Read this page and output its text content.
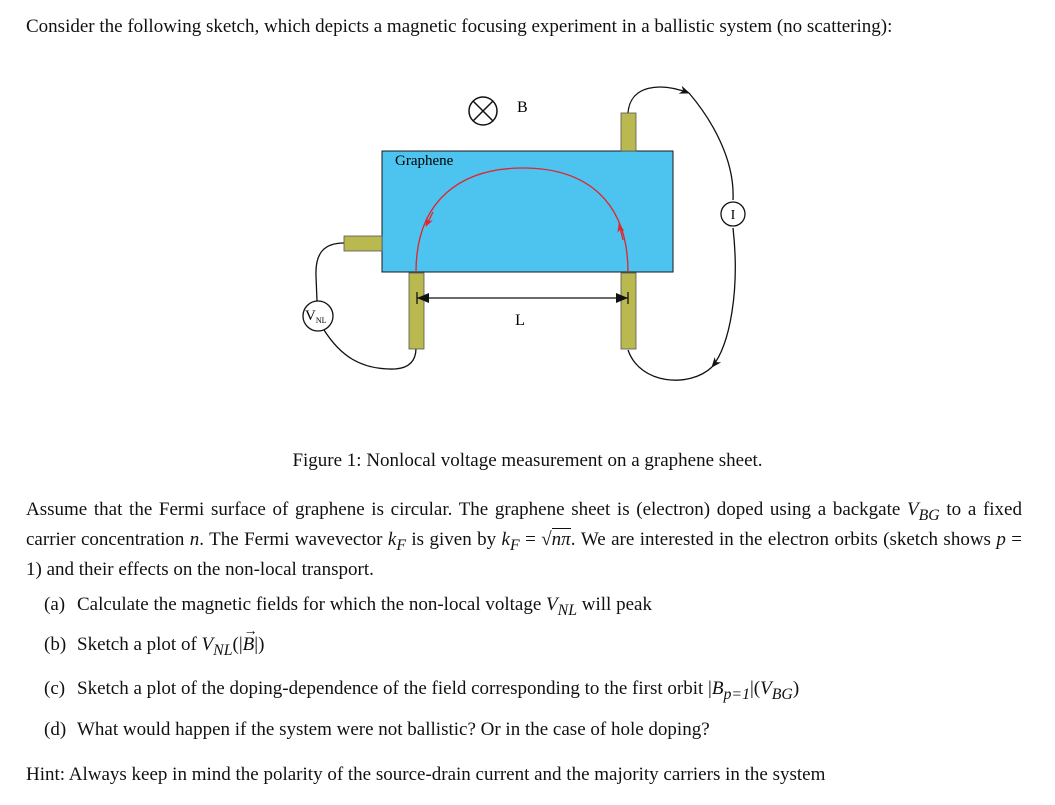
Consider the following sketch, which depicts a magnetic focusing experiment in a ballistic system (no scattering):

B
I
Graphene
L
$V_{NL}$
Figure 1: Nonlocal voltage measurement on a graphene sheet.

Assume that the Fermi surface of graphene is circular. The graphene sheet is (electron) doped using a backgate $V_{BG}$ to a fixed carrier concentration n. The Fermi wavevector $k_F$ is given by $k_F = √n\pi$. We are interested in the electron orbits (sketch shows p = 1) and their effects on the non-local transport.

(a) Calculate the magnetic fields for which the non-local voltage $V_{NL}$ will peak
(b) Sketch a plot of $V_{NL}(|$
→
B|)
(c) Sketch a plot of the doping-dependence of the field corresponding to the first orbit $|B_{p=1}|(V_{BG})$
(d) What would happen if the system were not ballistic? Or in the case of hole doping?

Hint: Always keep in mind the polarity of the source-drain current and the majority carriers in the system
